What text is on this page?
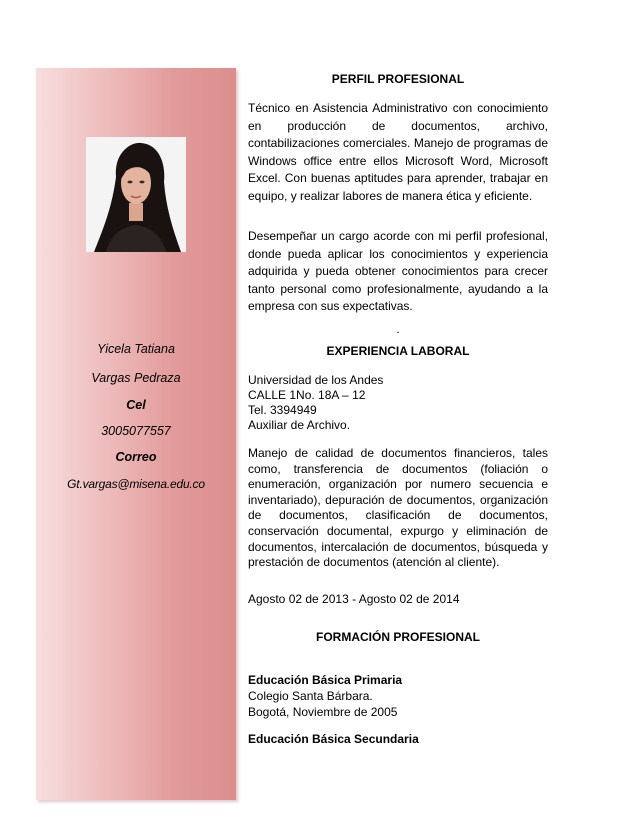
Yicela Tatiana
Vargas Pedraza
Cel
3005077557
Correo
Gt.vargas@misena.edu.co
PERFIL PROFESIONAL
Técnico en Asistencia Administrativo con conocimiento en producción de documentos, archivo, contabilizaciones comerciales. Manejo de programas de Windows office entre ellos Microsoft Word, Microsoft Excel. Con buenas aptitudes para aprender, trabajar en equipo, y realizar labores de manera ética y eficiente.
Desempeñar un cargo acorde con mi perfil profesional, donde pueda aplicar los conocimientos y experiencia adquirida y pueda obtener conocimientos para crecer tanto personal como profesionalmente, ayudando a la empresa con sus expectativas.
.
EXPERIENCIA LABORAL
Universidad de los Andes
CALLE 1No. 18A – 12
Tel. 3394949
Auxiliar de Archivo.
Manejo de calidad de documentos financieros, tales como, transferencia de documentos (foliación o enumeración, organización por numero secuencia e inventariado), depuración de documentos, organización de documentos, clasificación de documentos, conservación documental, expurgo y eliminación de documentos, intercalación de documentos, búsqueda y prestación de documentos (atención al cliente).
Agosto 02 de 2013 - Agosto 02 de 2014
FORMACIÓN PROFESIONAL
Educación Básica Primaria
Colegio Santa Bárbara.
Bogotá, Noviembre de 2005
Educación Básica Secundaria
